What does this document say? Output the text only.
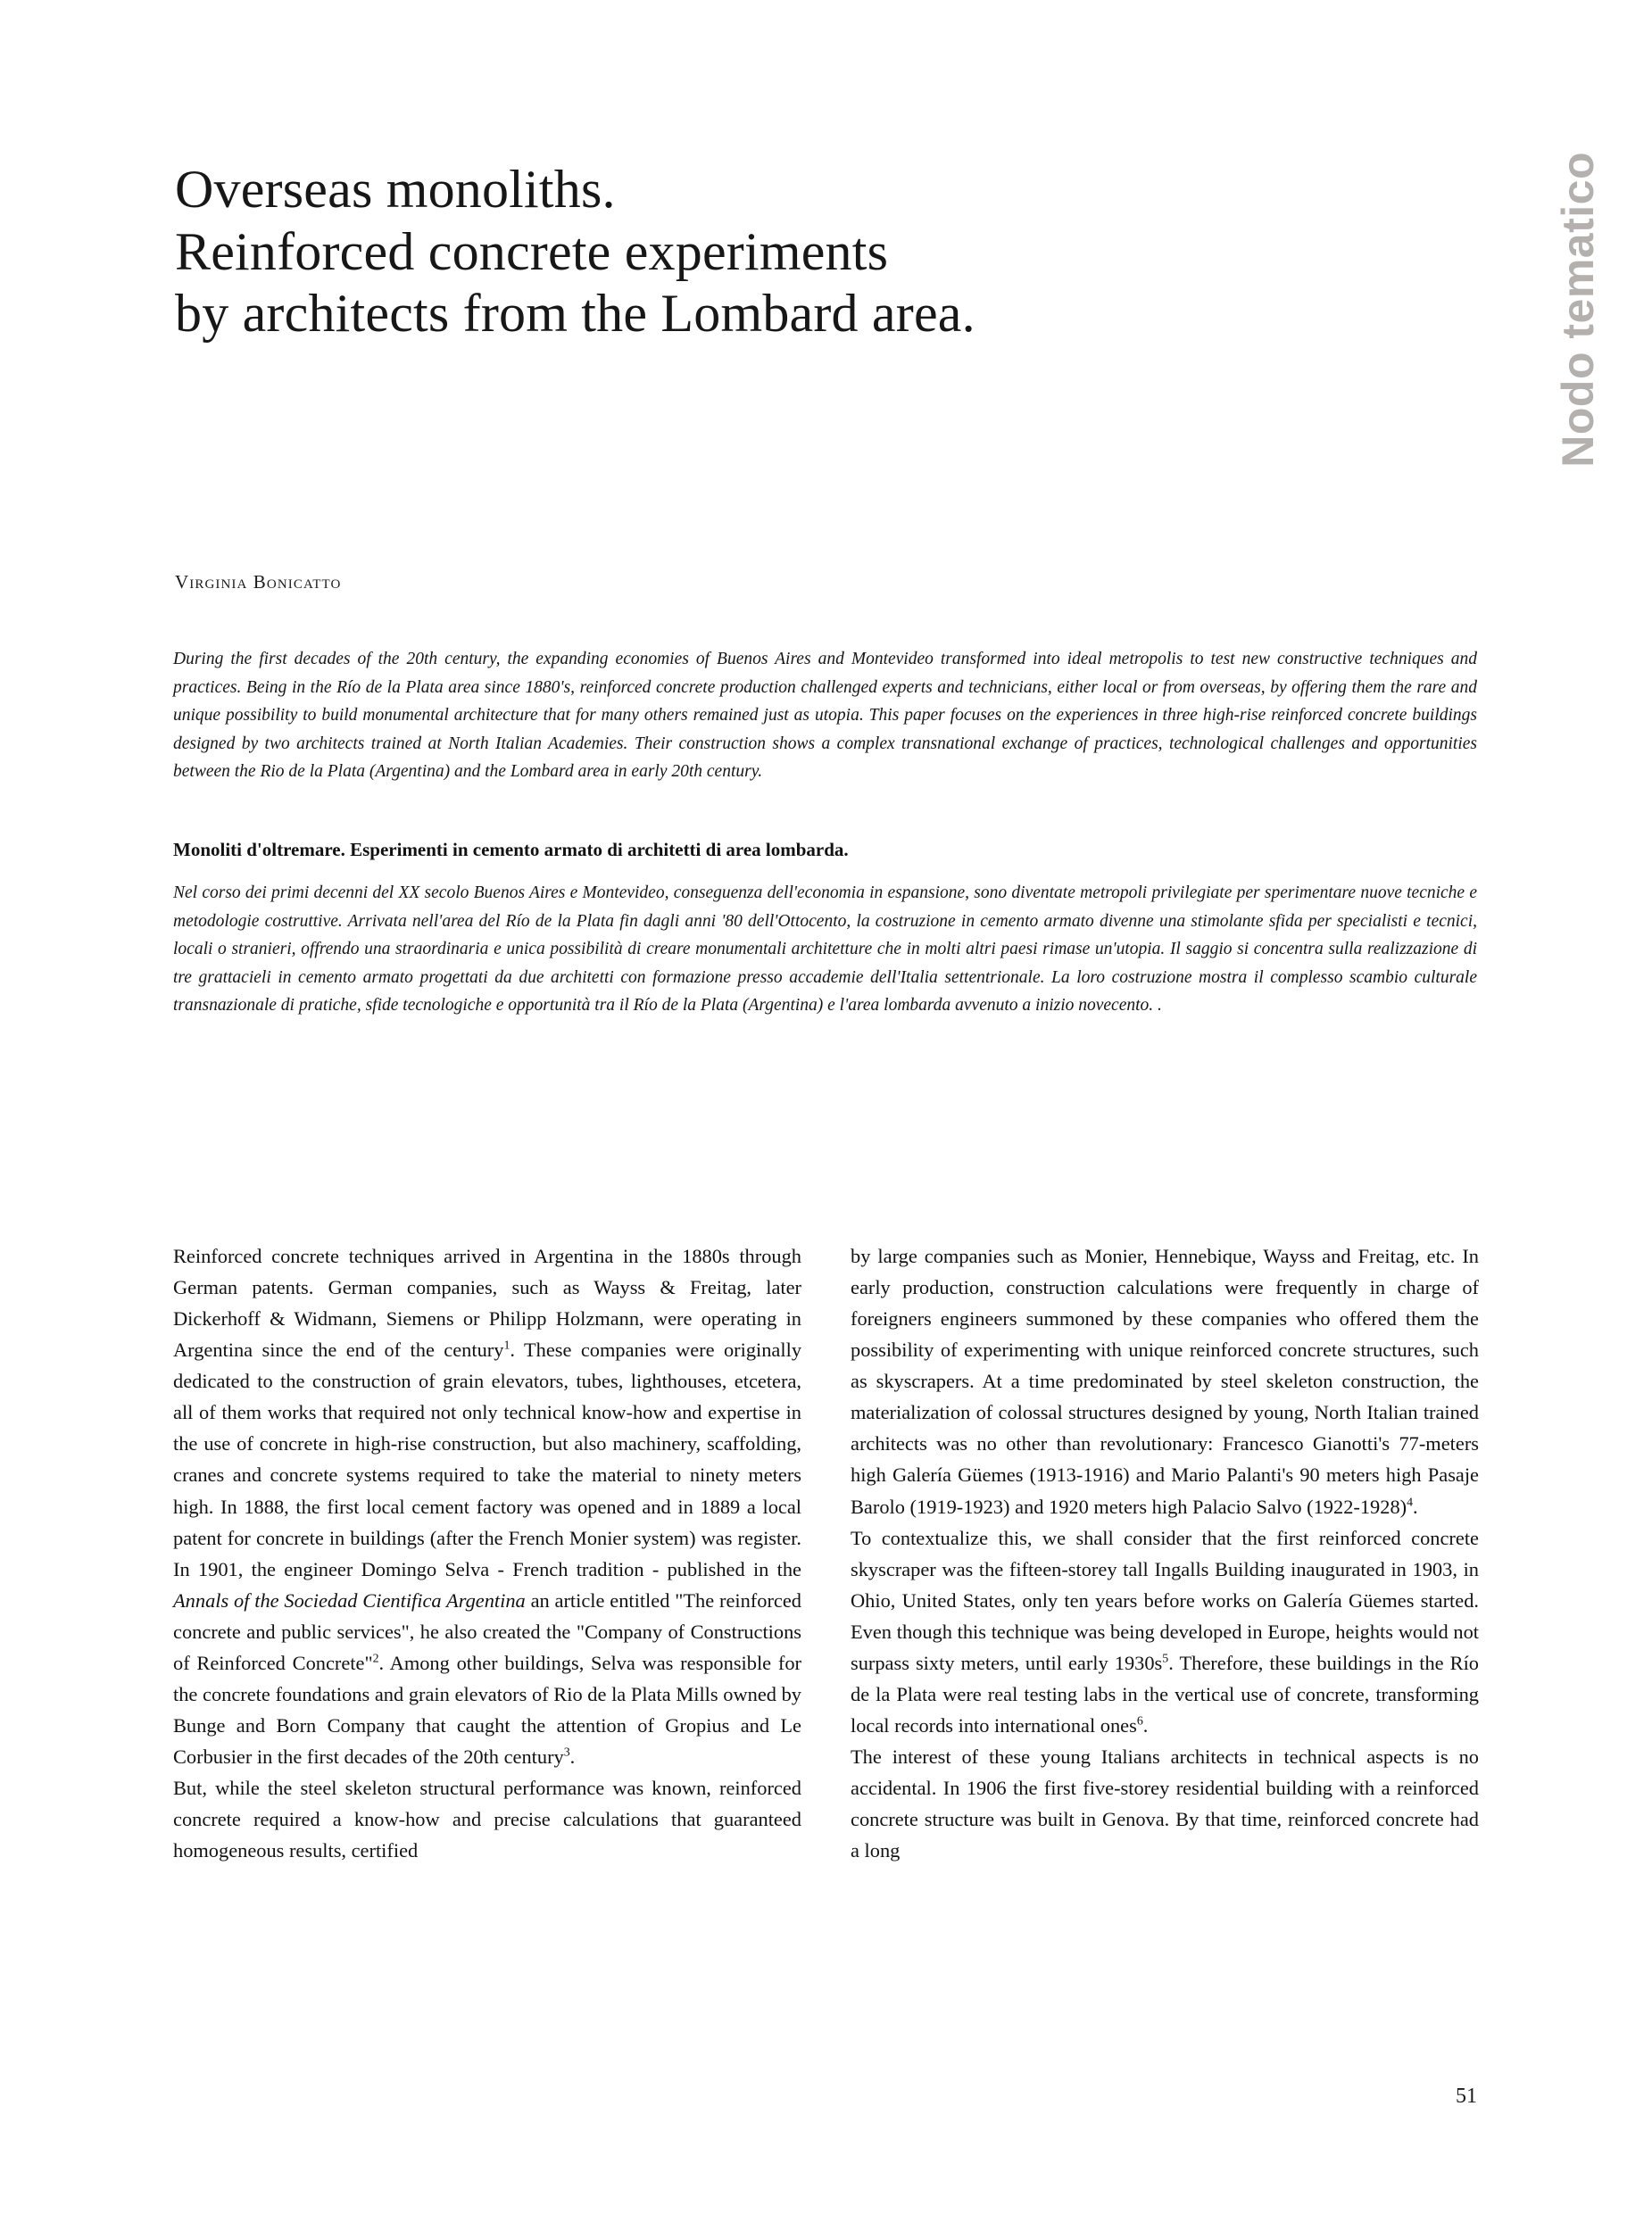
Nodo tematico
Overseas monoliths.
Reinforced concrete experiments
by architects from the Lombard area.
Virginia Bonicatto
During the first decades of the 20th century, the expanding economies of Buenos Aires and Montevideo transformed into ideal metropolis to test new constructive techniques and practices. Being in the Río de la Plata area since 1880's, reinforced concrete production challenged experts and technicians, either local or from overseas, by offering them the rare and unique possibility to build monumental architecture that for many others remained just as utopia. This paper focuses on the experiences in three high-rise reinforced concrete buildings designed by two architects trained at North Italian Academies. Their construction shows a complex transnational exchange of practices, technological challenges and opportunities between the Rio de la Plata (Argentina) and the Lombard area in early 20th century.
Monoliti d'oltremare. Esperimenti in cemento armato di architetti di area lombarda.
Nel corso dei primi decenni del XX secolo Buenos Aires e Montevideo, conseguenza dell'economia in espansione, sono diventate metropoli privilegiate per sperimentare nuove tecniche e metodologie costruttive. Arrivata nell'area del Río de la Plata fin dagli anni '80 dell'Ottocento, la costruzione in cemento armato divenne una stimolante sfida per specialisti e tecnici, locali o stranieri, offrendo una straordinaria e unica possibilità di creare monumentali architetture che in molti altri paesi rimase un'utopia. Il saggio si concentra sulla realizzazione di tre grattacieli in cemento armato progettati da due architetti con formazione presso accademie dell'Italia settentrionale. La loro costruzione mostra il complesso scambio culturale transnazionale di pratiche, sfide tecnologiche e opportunità tra il Río de la Plata (Argentina) e l'area lombarda avvenuto a inizio novecento. .

Reinforced concrete techniques arrived in Argentina in the 1880s through German patents. German companies, such as Wayss & Freitag, later Dickerhoff & Widmann, Siemens or Philipp Holzmann, were operating in Argentina since the end of the century$^1$. These companies were originally dedicated to the construction of grain elevators, tubes, lighthouses, etcetera, all of them works that required not only technical know-how and expertise in the use of concrete in high-rise construction, but also machinery, scaffolding, cranes and concrete systems required to take the material to ninety meters high. In 1888, the first local cement factory was opened and in 1889 a local patent for concrete in buildings (after the French Monier system) was register. In 1901, the engineer Domingo Selva - French tradition - published in the Annals of the Sociedad Cientifica Argentina an article entitled "The reinforced concrete and public services", he also created the "Company of Constructions of Reinforced Concrete"$^2$. Among other buildings, Selva was responsible for the concrete foundations and grain elevators of Rio de la Plata Mills owned by Bunge and Born Company that caught the attention of Gropius and Le Corbusier in the first decades of the 20th century$^3$.

But, while the steel skeleton structural performance was known, reinforced concrete required a know-how and precise calculations that guaranteed homogeneous results, certified

by large companies such as Monier, Hennebique, Wayss and Freitag, etc. In early production, construction calculations were frequently in charge of foreigners engineers summoned by these companies who offered them the possibility of experimenting with unique reinforced concrete structures, such as skyscrapers. At a time predominated by steel skeleton construction, the materialization of colossal structures designed by young, North Italian trained architects was no other than revolutionary: Francesco Gianotti's 77-meters high Galería Güemes (1913-1916) and Mario Palanti's 90 meters high Pasaje Barolo (1919-1923) and 1920 meters high Palacio Salvo (1922-1928)$^4$.

To contextualize this, we shall consider that the first reinforced concrete skyscraper was the fifteen-storey tall Ingalls Building inaugurated in 1903, in Ohio, United States, only ten years before works on Galería Güemes started. Even though this technique was being developed in Europe, heights would not surpass sixty meters, until early $1930s^5$. Therefore, these buildings in the Río de la Plata were real testing labs in the vertical use of concrete, transforming local records into international ones$^6$.

The interest of these young Italians architects in technical aspects is no accidental. In 1906 the first five-storey residential building with a reinforced concrete structure was built in Genova. By that time, reinforced concrete had a long

51
